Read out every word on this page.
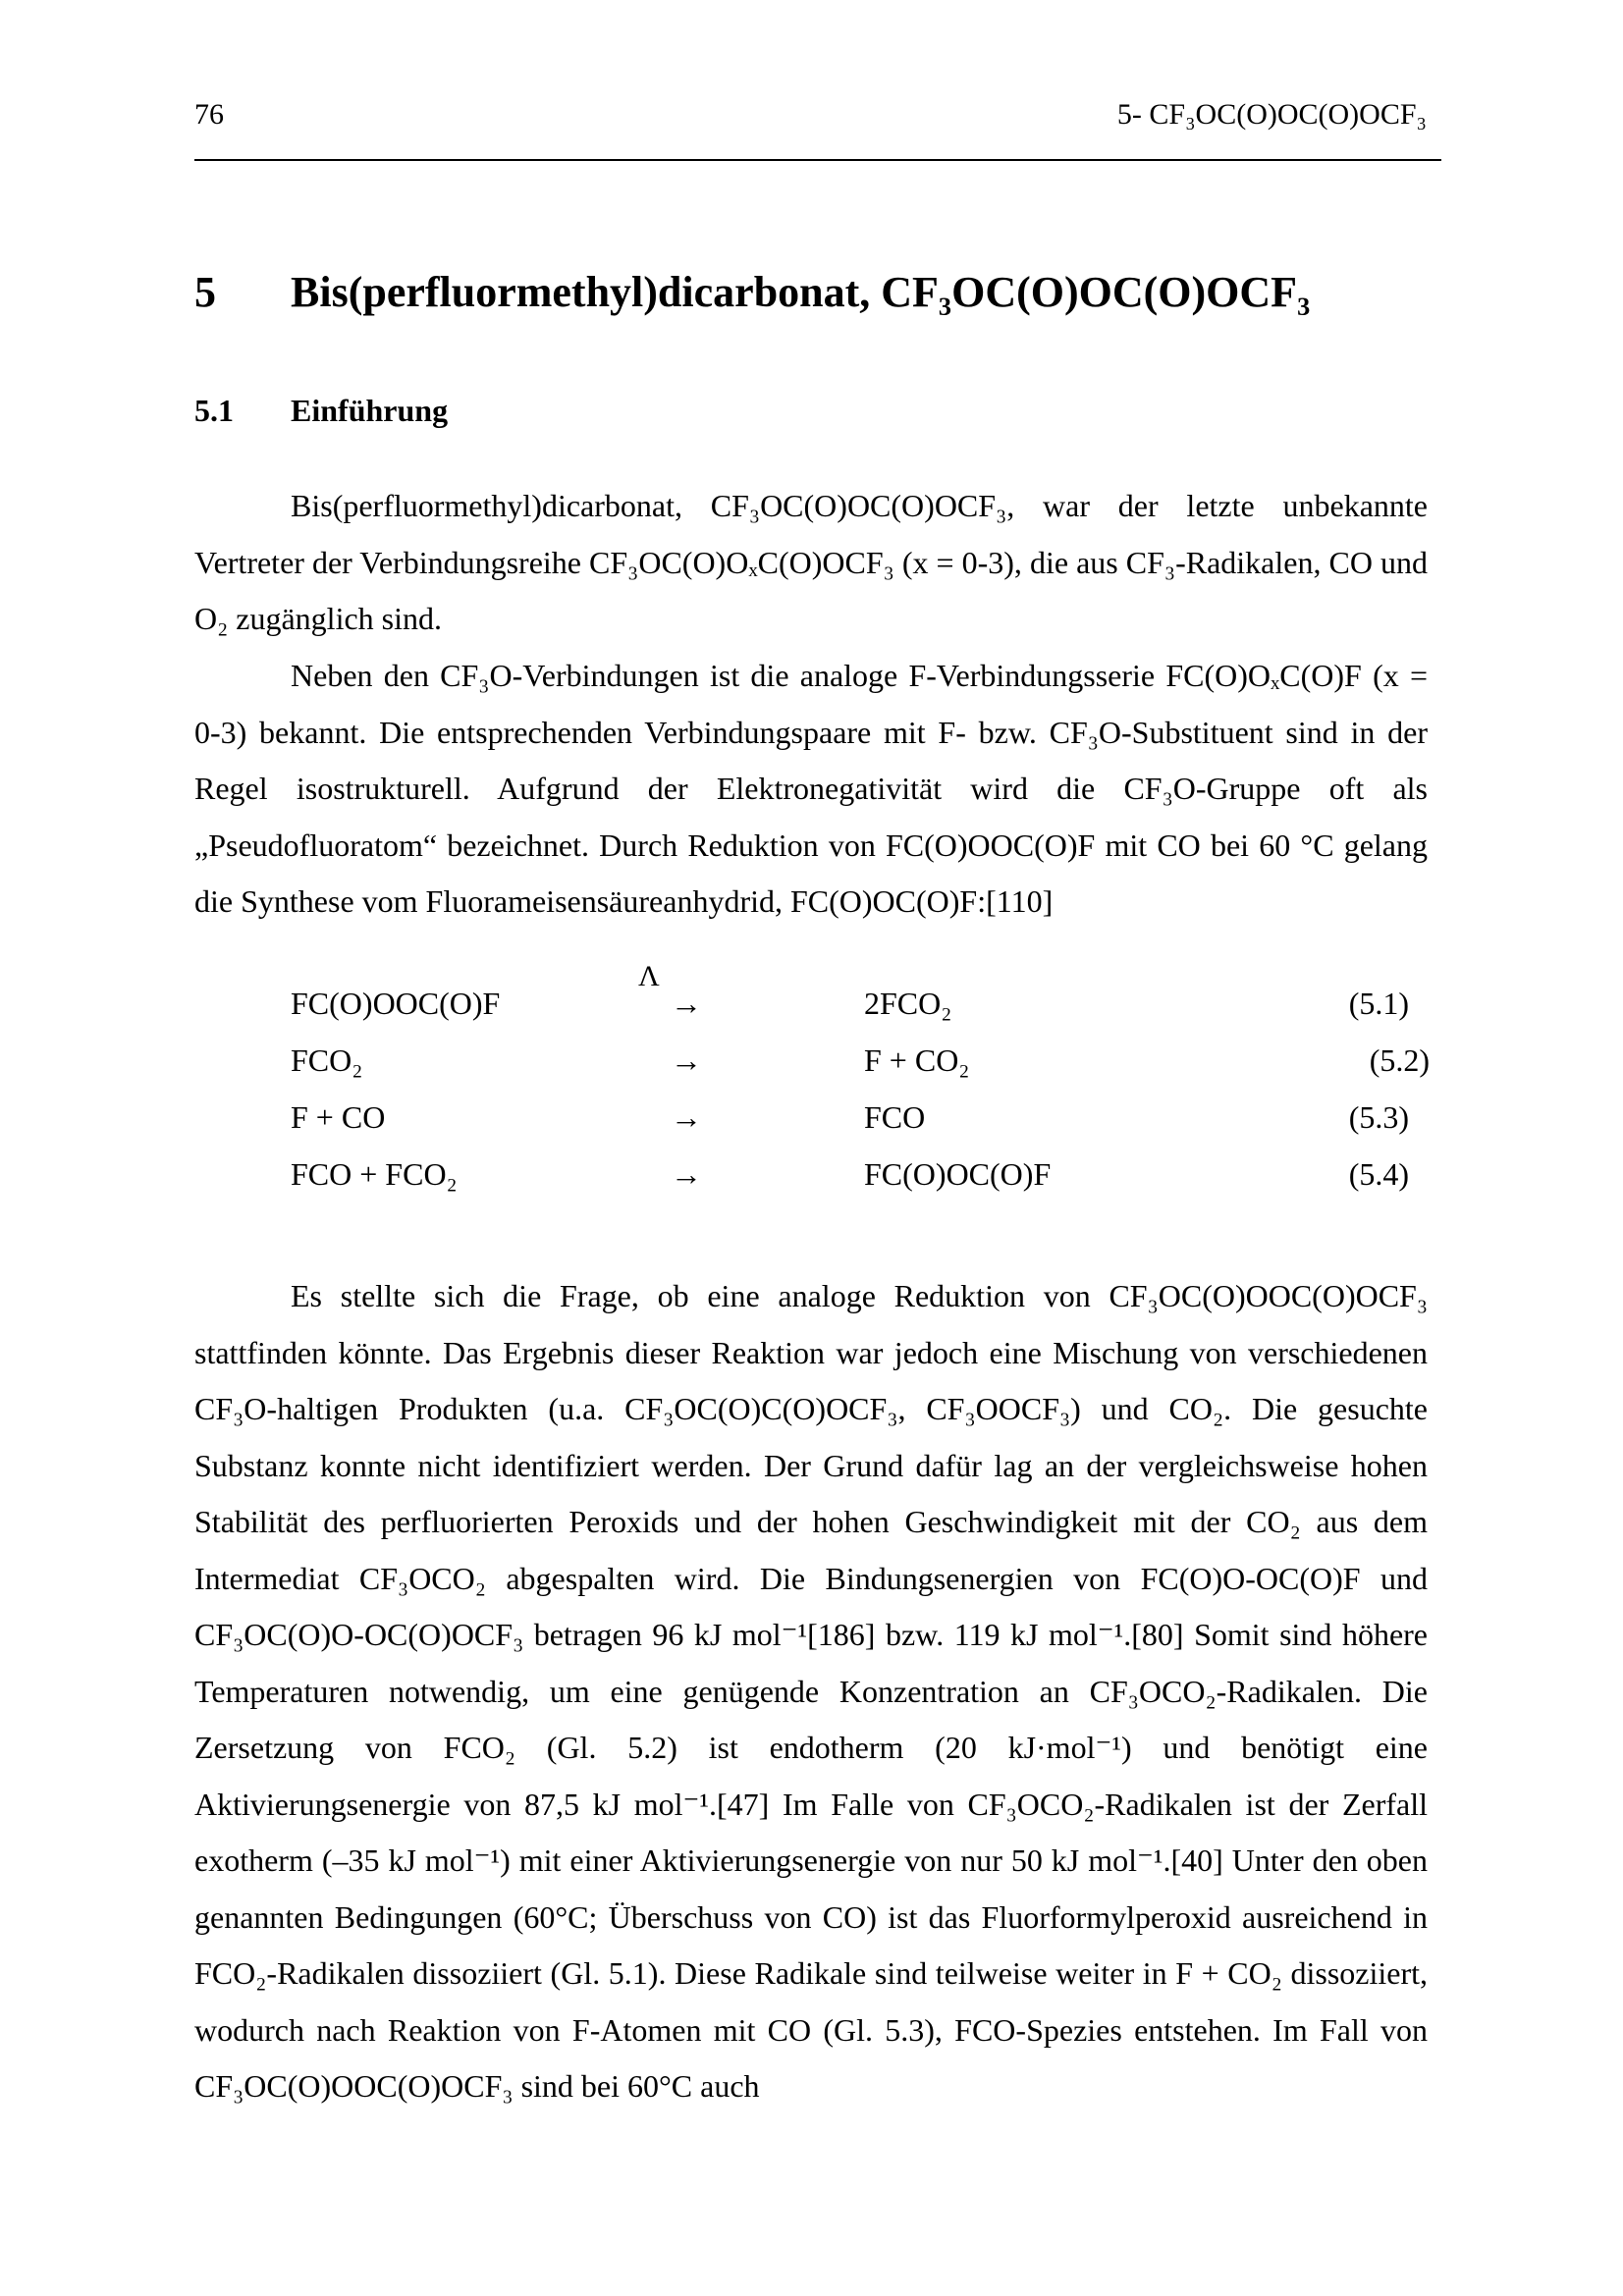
76	5- CF₃OC(O)OC(O)OCF₃
5 Bis(perfluormethyl)dicarbonat, CF₃OC(O)OC(O)OCF₃
5.1 Einführung

Bis(perfluormethyl)dicarbonat, CF₃OC(O)OC(O)OCF₃, war der letzte unbekannte Vertreter der Verbindungsreihe CF₃OC(O)OₓC(O)OCF₃ (x = 0-3), die aus CF₃-Radikalen, CO und O₂ zugänglich sind.

Neben den CF₃O-Verbindungen ist die analoge F-Verbindungsserie FC(O)OₓC(O)F (x = 0-3) bekannt. Die entsprechenden Verbindungspaare mit F- bzw. CF₃O-Substituent sind in der Regel isostrukturell. Aufgrund der Elektronegativität wird die CF₃O-Gruppe oft als „Pseudofluoratom“ bezeichnet. Durch Reduktion von FC(O)OOC(O)F mit CO bei 60 °C gelang die Synthese vom Fluorameisensäureanhydrid, FC(O)OC(O)F:[110]

Λ
FC(O)OOC(O)F	→	2FCO₂	(5.1)
FCO₂	→	F + CO₂	(5.2)
F + CO	→	FCO	(5.3)
FCO + FCO₂	→	FC(O)OC(O)F	(5.4)

Es stellte sich die Frage, ob eine analoge Reduktion von CF₃OC(O)OOC(O)OCF₃ stattfinden könnte. Das Ergebnis dieser Reaktion war jedoch eine Mischung von verschiedenen CF₃O-haltigen Produkten (u.a. CF₃OC(O)C(O)OCF₃, CF₃OOCF₃) und CO₂. Die gesuchte Substanz konnte nicht identifiziert werden. Der Grund dafür lag an der vergleichsweise hohen Stabilität des perfluorierten Peroxids und der hohen Geschwindigkeit mit der CO₂ aus dem Intermediat CF₃OCO₂ abgespalten wird. Die Bindungsenergien von FC(O)O-OC(O)F und CF₃OC(O)O-OC(O)OCF₃ betragen 96 kJ mol⁻¹[186] bzw. 119 kJ mol⁻¹.[80] Somit sind höhere Temperaturen notwendig, um eine genügende Konzentration an CF₃OCO₂-Radikalen. Die Zersetzung von FCO₂ (Gl. 5.2) ist endotherm (20 kJ·mol⁻¹) und benötigt eine Aktivierungsenergie von 87,5 kJ mol⁻¹.[47] Im Falle von CF₃OCO₂-Radikalen ist der Zerfall exotherm (–35 kJ mol⁻¹) mit einer Aktivierungsenergie von nur 50 kJ mol⁻¹.[40] Unter den oben genannten Bedingungen (60°C; Überschuss von CO) ist das Fluorformylperoxid ausreichend in FCO₂-Radikalen dissoziiert (Gl. 5.1). Diese Radikale sind teilweise weiter in F + CO₂ dissoziiert, wodurch nach Reaktion von F-Atomen mit CO (Gl. 5.3), FCO-Spezies entstehen. Im Fall von CF₃OC(O)OOC(O)OCF₃ sind bei 60°C auch
